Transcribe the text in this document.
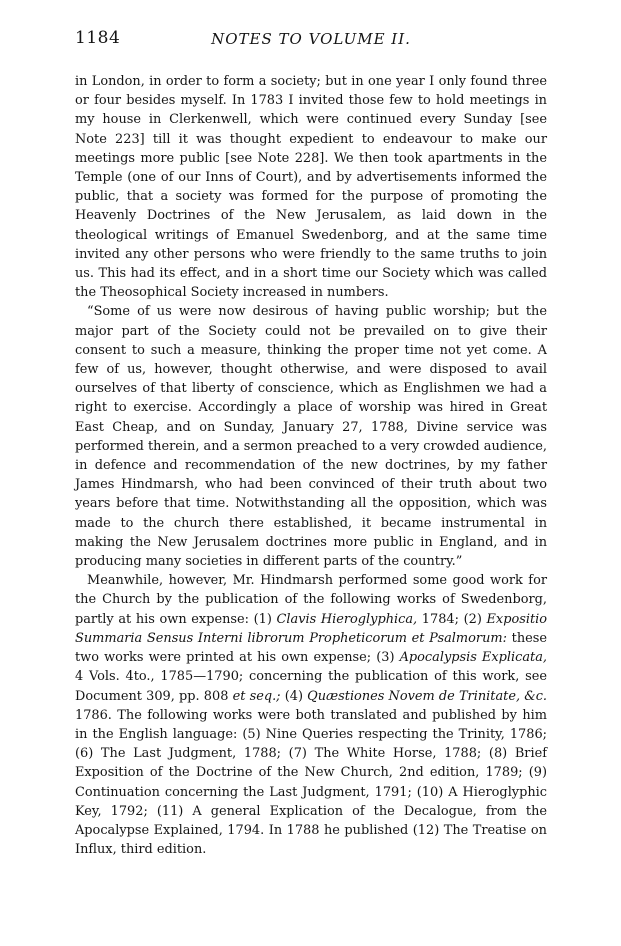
1184	NOTES TO VOLUME II.

in London, in order to form a society; but in one year I only found three or four besides myself. In 1783 I invited those few to hold meetings in my house in Clerkenwell, which were continued every Sunday [see Note 223] till it was thought expedient to endeavour to make our meetings more public [see Note 228]. We then took apartments in the Temple (one of our Inns of Court), and by advertisements informed the public, that a society was formed for the purpose of promoting the Heavenly Doctrines of the New Jerusalem, as laid down in the theological writings of Emanuel Swedenborg, and at the same time invited any other persons who were friendly to the same truths to join us. This had its effect, and in a short time our Society which was called the Theosophical Society increased in numbers.

“Some of us were now desirous of having public worship; but the major part of the Society could not be prevailed on to give their consent to such a measure, thinking the proper time not yet come. A few of us, however, thought otherwise, and were disposed to avail ourselves of that liberty of conscience, which as Englishmen we had a right to exercise. Accordingly a place of worship was hired in Great East Cheap, and on Sunday, January 27, 1788, Divine service was performed therein, and a sermon preached to a very crowded audience, in defence and recommendation of the new doctrines, by my father James Hindmarsh, who had been convinced of their truth about two years before that time. Notwithstanding all the opposition, which was made to the church there established, it became instrumental in making the New Jerusalem doctrines more public in England, and in producing many societies in different parts of the country.”

Meanwhile, however, Mr. Hindmarsh performed some good work for the Church by the publication of the following works of Swedenborg, partly at his own expense: (1) Clavis Hieroglyphica, 1784; (2) Expositio Summaria Sensus Interni librorum Propheticorum et Psalmorum: these two works were printed at his own expense; (3) Apocalypsis Explicata, 4 Vols. 4to., 1785—1790; concerning the publication of this work, see Document 309, pp. 808 et seq.; (4) Quæstiones Novem de Trinitate, &c. 1786. The following works were both translated and published by him in the English language: (5) Nine Queries respecting the Trinity, 1786; (6) The Last Judgment, 1788; (7) The White Horse, 1788; (8) Brief Exposition of the Doctrine of the New Church, 2nd edition, 1789; (9) Continuation concerning the Last Judgment, 1791; (10) A Hieroglyphic Key, 1792; (11) A general Explication of the Decalogue, from the Apocalypse Explained, 1794. In 1788 he published (12) The Treatise on Influx, third edition.
